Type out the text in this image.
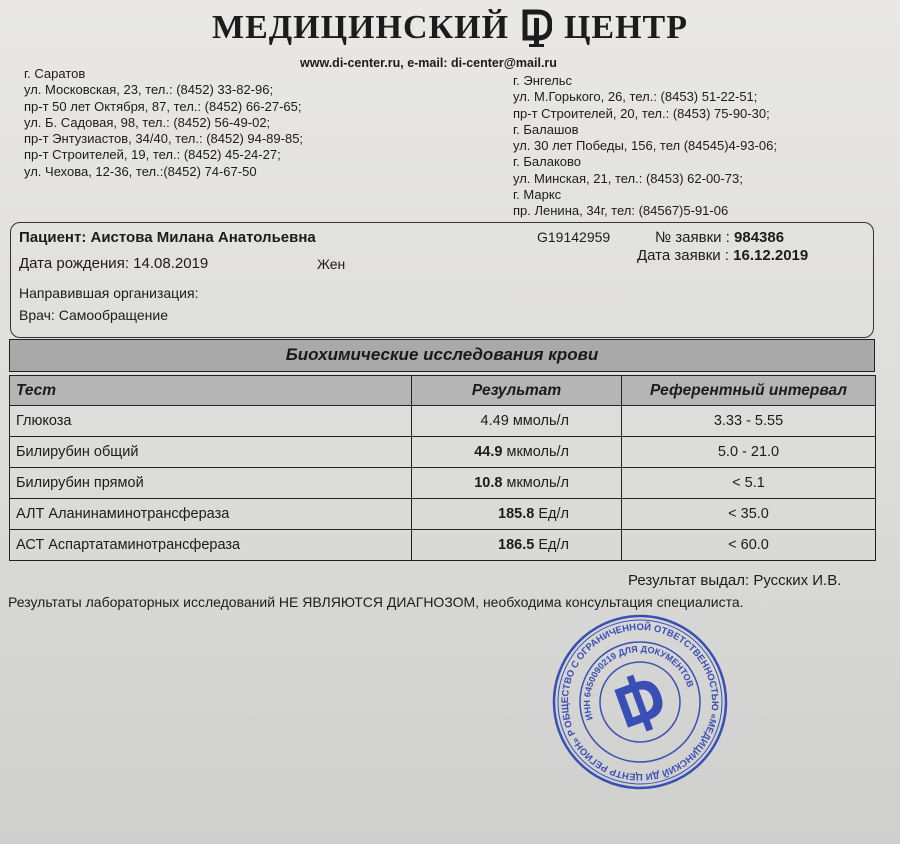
МЕДИЦИНСКИЙ ЦЕНТР
www.di-center.ru, e-mail: di-center@mail.ru
г. Саратов
ул. Московская, 23, тел.: (8452) 33-82-96;
пр-т 50 лет Октября, 87, тел.: (8452) 66-27-65;
ул. Б. Садовая, 98, тел.: (8452) 56-49-02;
пр-т Энтузиастов, 34/40, тел.: (8452) 94-89-85;
пр-т Строителей, 19, тел.: (8452) 45-24-27;
ул. Чехова, 12-36, тел.:(8452) 74-67-50
г. Энгельс
ул. М.Горького, 26, тел.: (8453) 51-22-51;
пр-т Строителей, 20, тел.: (8453) 75-90-30;
г. Балашов
ул. 30 лет Победы, 156, тел (84545)4-93-06;
г. Балаково
ул. Минская, 21, тел.: (8453) 62-00-73;
г. Маркс
пр. Ленина, 34г, тел: (84567)5-91-06
Пациент: Аистова Милана Анатольевна	G19142959	№ заявки : 984386
Дата рождения: 14.08.2019	Жен	Дата заявки : 16.12.2019
Направившая организация:
Врач: Самообращение
Биохимические исследования крови
Тест	Результат	Референтный интервал
Глюкоза	4.49 ммоль/л	3.33 - 5.55
Билирубин общий	44.9 мкмоль/л	5.0 - 21.0
Билирубин прямой	10.8 мкмоль/л	< 5.1
АЛТ Аланинаминотрансфераза	185.8 Ед/л	< 35.0
АСТ Аспартатаминотрансфераза	186.5 Ед/л	< 60.0
Результат выдал: Русских И.В.
Результаты лабораторных исследований НЕ ЯВЛЯЮТСЯ ДИАГНОЗОМ, необходима консультация специалиста.
ОБЩЕСТВО С ОГРАНИЧЕННОЙ ОТВЕТСТВЕННОСТЬЮ «МЕДИЦИНСКИЙ ДИ ЦЕНТР РЕГИОН» РОССИЯ
ИНН 6450090219 ДЛЯ ДОКУМЕНТОВ
